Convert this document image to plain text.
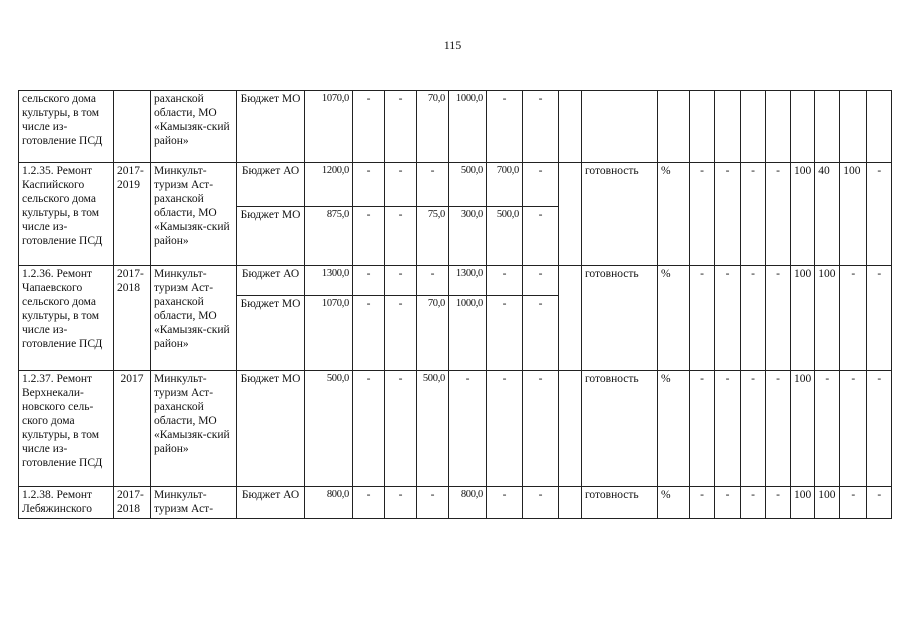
115
сельского дома культуры, в том числе из-готовление ПСД		раханской области, МО «Камызяк-ский район»	Бюджет МО	1070,0	-	-	70,0	1000,0	-	-											
1.2.35. Ремонт Каспийского сельского дома культуры, в том числе из-готовление ПСД	2017-2019	Минкульт-туризм Аст-раханской области, МО «Камызяк-ский район»	Бюджет АО	1200,0	-	-	-	500,0	700,0	-		готовность	%	-	-	-	-	100	40	100	-
			Бюджет МО	875,0	-	-	75,0	300,0	500,0	-											
1.2.36. Ремонт Чапаевского сельского дома культуры, в том числе из-готовление ПСД	2017-2018	Минкульт-туризм Аст-раханской области, МО «Камызяк-ский район»	Бюджет АО	1300,0	-	-	-	1300,0	-	-		готовность	%	-	-	-	-	100	100	-	-
			Бюджет МО	1070,0	-	-	70,0	1000,0	-	-											
1.2.37. Ремонт Верхнекали-новского сель-ского дома культуры, в том числе из-готовление ПСД	2017	Минкульт-туризм Аст-раханской области, МО «Камызяк-ский район»	Бюджет МО	500,0	-	-	500,0	-	-	-		готовность	%	-	-	-	-	100	-	-	-
1.2.38. Ремонт Лебяжинского	2017-2018	Минкульт-туризм Аст-	Бюджет АО	800,0	-	-	-	800,0	-	-		готовность	%	-	-	-	-	100	100	-	-
